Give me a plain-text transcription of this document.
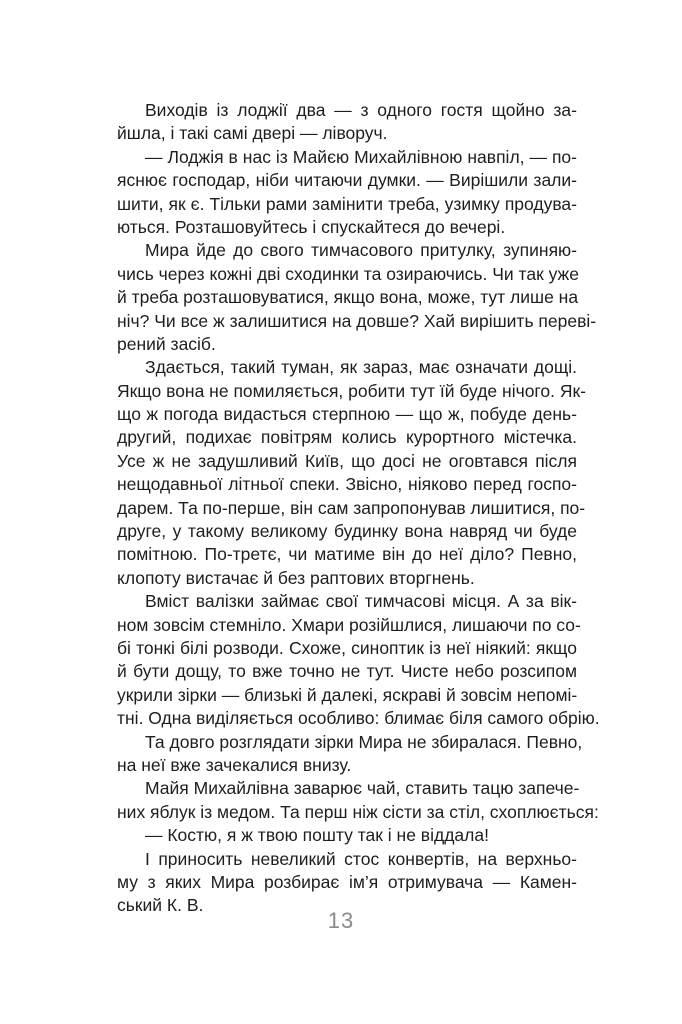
Виходів із лоджії два — з одного гостя щойно за-
йшла, і такі самі двері — ліворуч.
— Лоджія в нас із Майєю Михайлівною навпіл, — по-
яснює господар, ніби читаючи думки. — Вирішили зали-
шити, як є. Тільки рами замінити треба, узимку продува-
ються. Розташовуйтесь і спускайтеся до вечері.
Мира йде до свого тимчасового притулку, зупиняю-
чись через кожні дві сходинки та озираючись. Чи так уже
й треба розташовуватися, якщо вона, може, тут лише на
ніч? Чи все ж залишитися на довше? Хай вирішить переві-
рений засіб.
Здається, такий туман, як зараз, має означати дощі.
Якщо вона не помиляється, робити тут їй буде нічого. Як-
що ж погода видасться стерпною — що ж, побуде день-
другий, подихає повітрям колись курортного містечка.
Усе ж не задушливий Київ, що досі не оговтався після
нещодавньої літньої спеки. Звісно, ніяково перед госпо-
дарем. Та по-перше, він сам запропонував лишитися, по-
друге, у такому великому будинку вона навряд чи буде
помітною. По-третє, чи матиме він до неї діло? Певно,
клопоту вистачає й без раптових вторгнень.
Вміст валізки займає свої тимчасові місця. А за вік-
ном зовсім стемніло. Хмари розійшлися, лишаючи по со-
бі тонкі білі розводи. Схоже, синоптик із неї ніякий: якщо
й бути дощу, то вже точно не тут. Чисте небо розсипом
укрили зірки — близькі й далекі, яскраві й зовсім непомі-
тні. Одна виділяється особливо: блимає біля самого обрію.
Та довго розглядати зірки Мира не збиралася. Певно,
на неї вже зачекалися внизу.
Майя Михайлівна заварює чай, ставить тацю запече-
них яблук із медом. Та перш ніж сісти за стіл, схоплюється:
— Костю, я ж твою пошту так і не віддала!
І приносить невеликий стос конвертів, на верхньо-
му з яких Мира розбирає ім’я отримувача — Камен-
ський К. В.
13
